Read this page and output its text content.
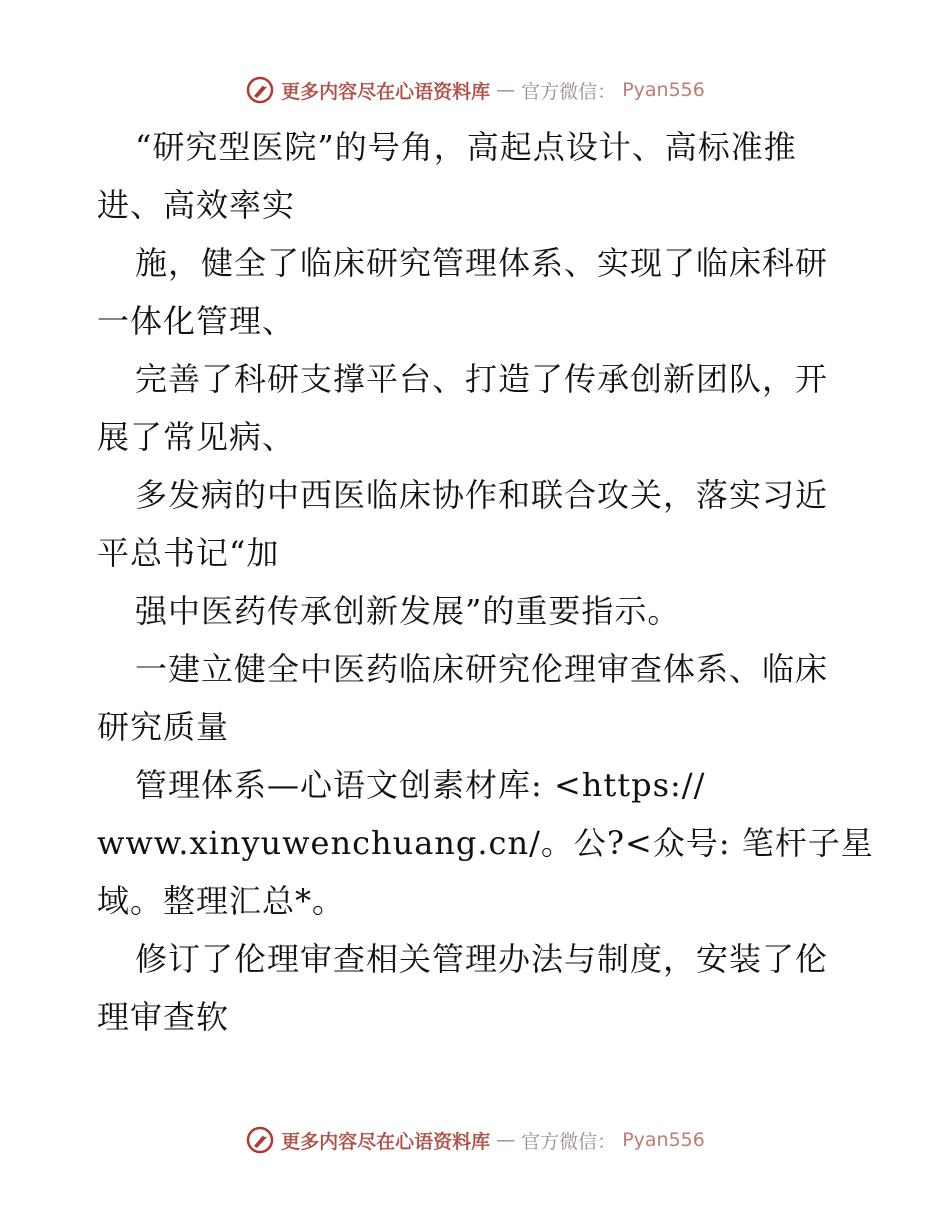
更多内容尽在心语资料库 — 官方微信： Pyan556
“研究型医院”的号角，高起点设计、高标准推
进、高效率实
施，健全了临床研究管理体系、实现了临床科研
一体化管理、
完善了科研支撑平台、打造了传承创新团队，开
展了常见病、
多发病的中西医临床协作和联合攻关，落实习近
平总书记“加
强中医药传承创新发展”的重要指示。
一建立健全中医药临床研究伦理审查体系、临床
研究质量
管理体系—心语文创素材库: <https://
www.xinyuwenchuang.cn/。公?<众号: 笔杆子星
域。整理汇总*。
修订了伦理审查相关管理办法与制度，安装了伦
理审查软
更多内容尽在心语资料库 — 官方微信： Pyan556
